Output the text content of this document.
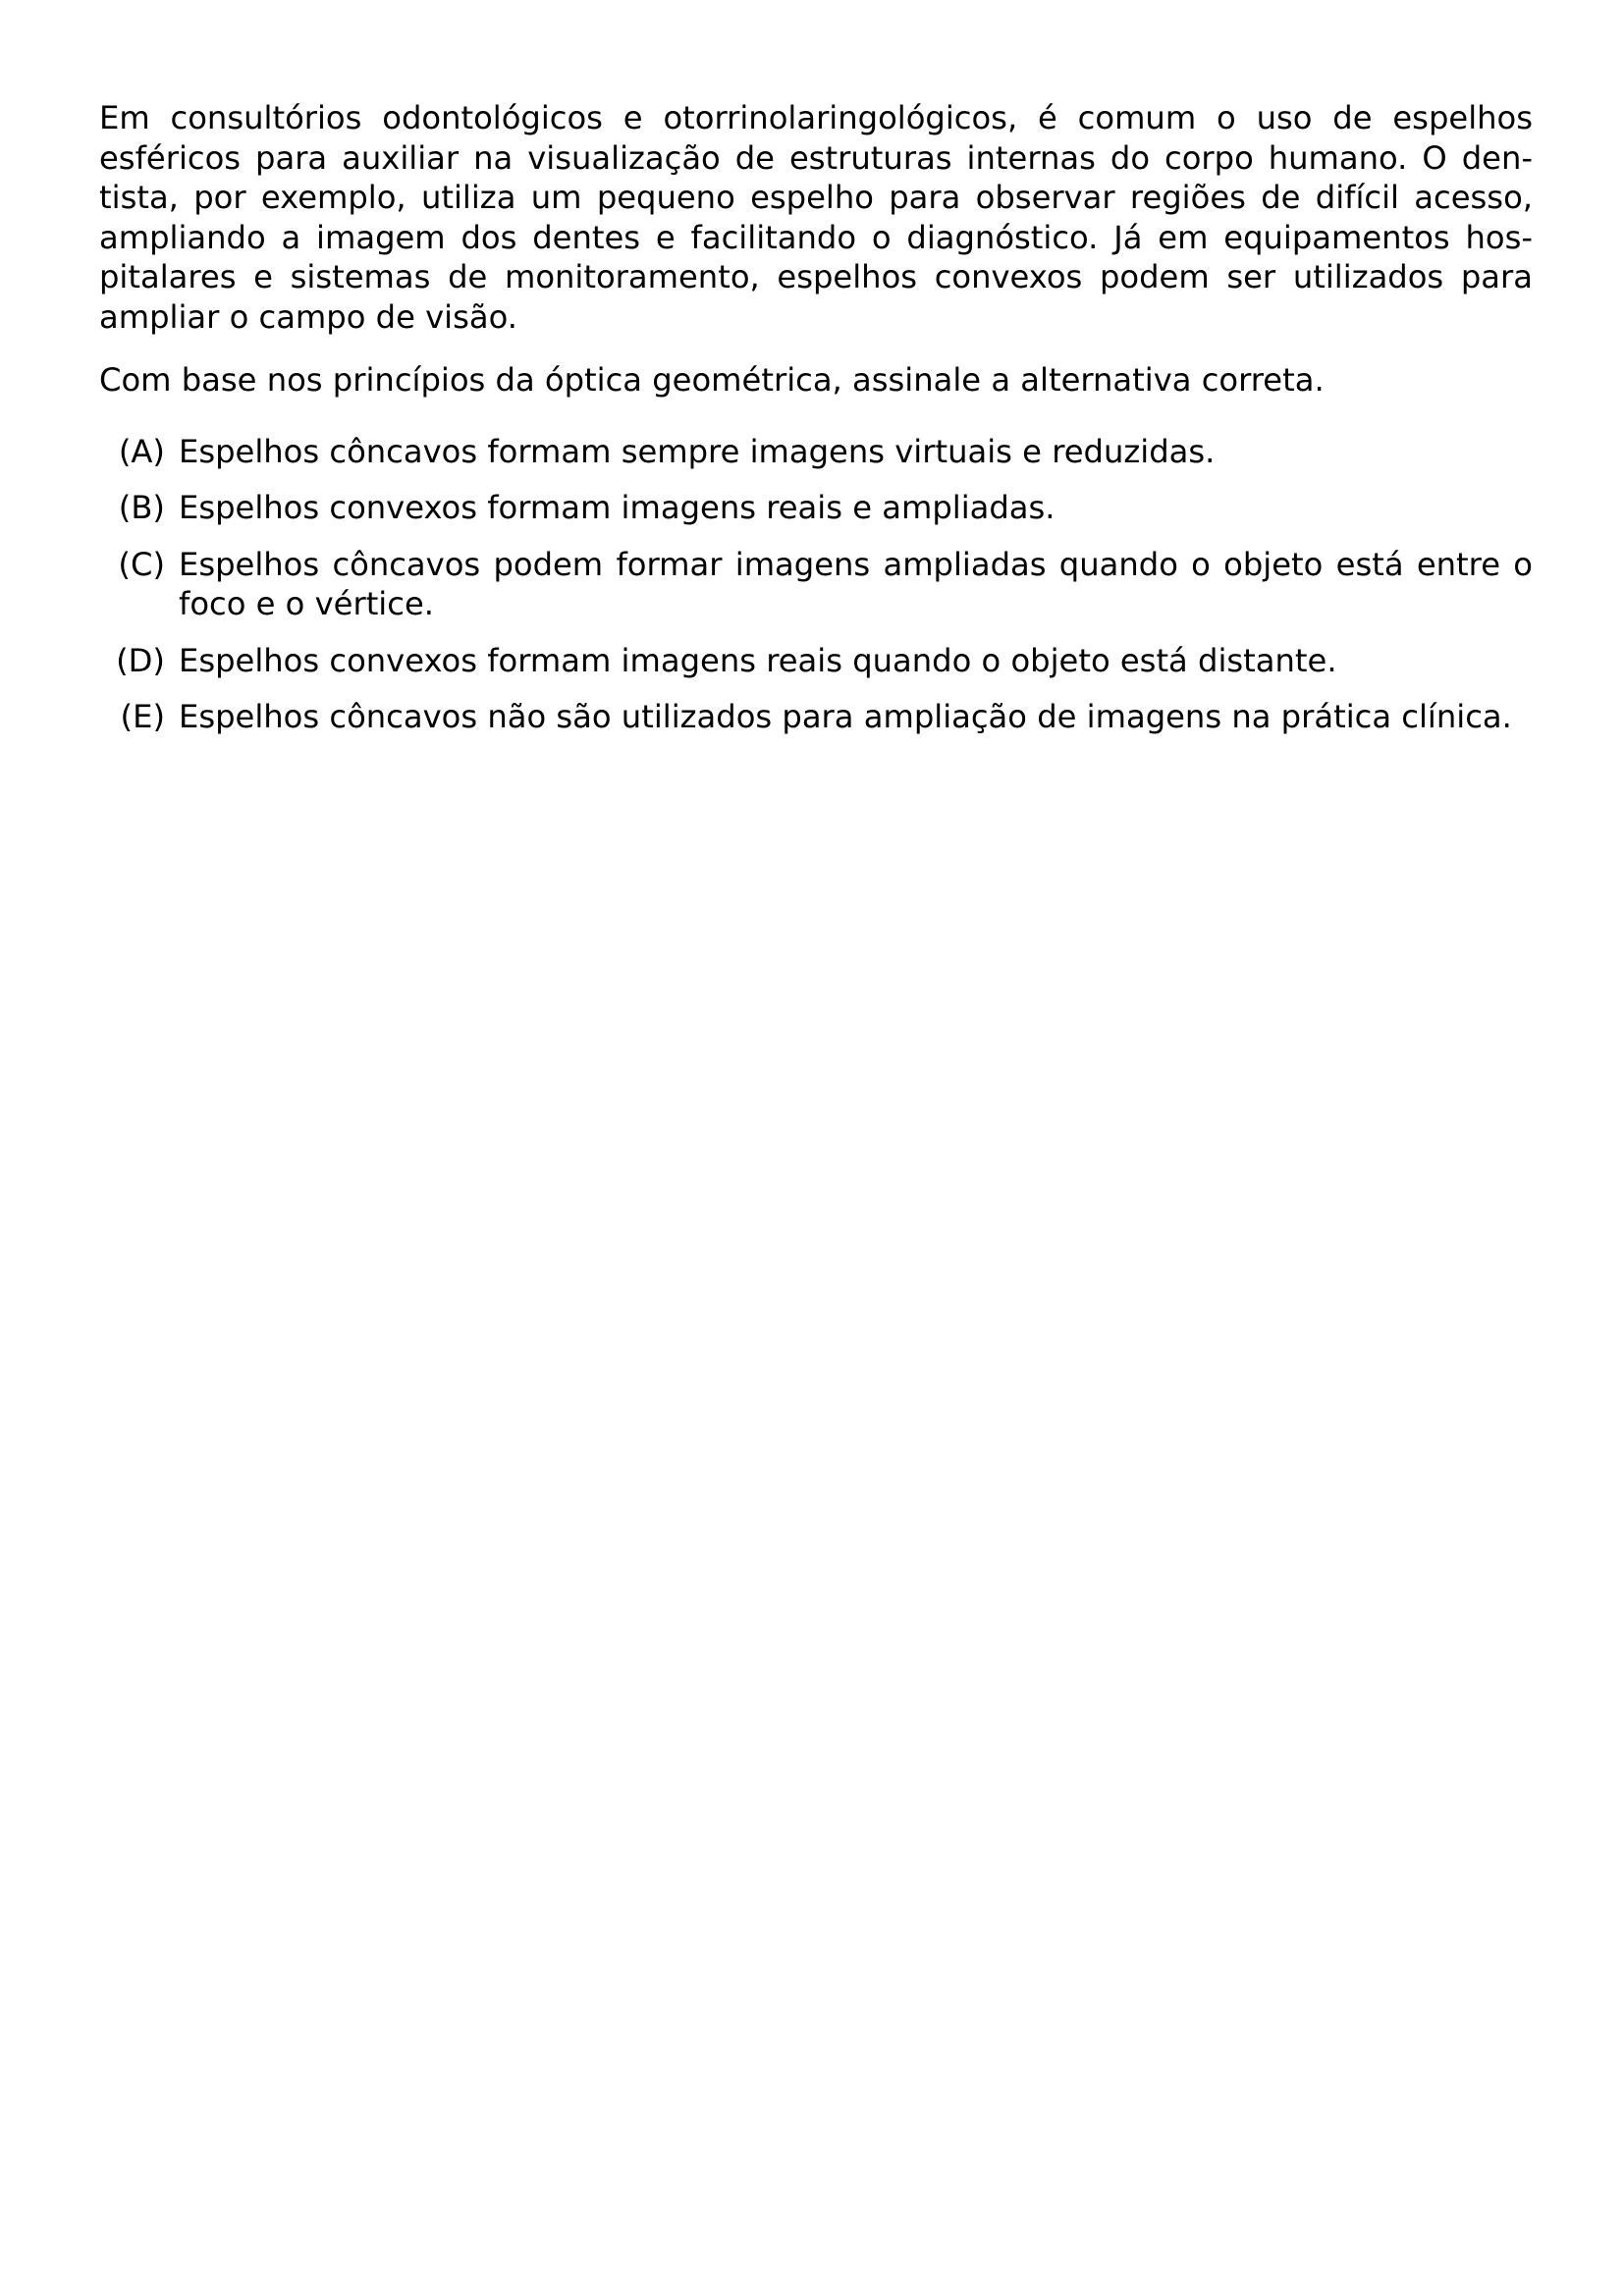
Em consultórios odontológicos e otorrinolaringológicos, é comum o uso de espelhos esféricos para auxiliar na visualização de estruturas internas do corpo humano. O dentista, por exemplo, utiliza um pequeno espelho para observar regiões de difícil acesso, ampliando a imagem dos dentes e facilitando o diagnóstico. Já em equipamentos hospitalares e sistemas de monitoramento, espelhos convexos podem ser utilizados para ampliar o campo de visão.

Com base nos princípios da óptica geométrica, assinale a alternativa correta.

(A) Espelhos côncavos formam sempre imagens virtuais e reduzidas.
(B) Espelhos convexos formam imagens reais e ampliadas.
(C) Espelhos côncavos podem formar imagens ampliadas quando o objeto está entre o foco e o vértice.
(D) Espelhos convexos formam imagens reais quando o objeto está distante.
(E) Espelhos côncavos não são utilizados para ampliação de imagens na prática clínica.
